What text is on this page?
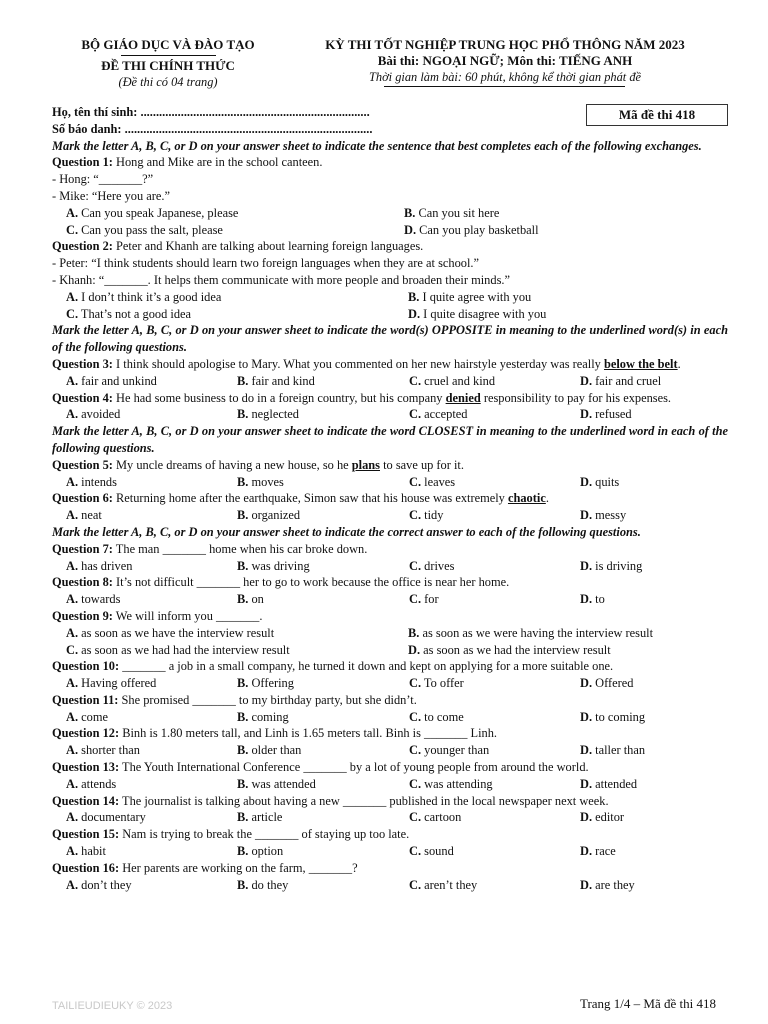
BỘ GIÁO DỤC VÀ ĐÀO TẠO
ĐỀ THI CHÍNH THỨC
(Đề thi có 04 trang)
KỲ THI TỐT NGHIỆP TRUNG HỌC PHỔ THÔNG NĂM 2023
Bài thi: NGOẠI NGỮ; Môn thi: TIẾNG ANH
Thời gian làm bài: 60 phút, không kể thời gian phát đề
Mã đề thi 418
Họ, tên thí sinh: ..........................................................................
Số báo danh: ................................................................................
Mark the letter A, B, C, or D on your answer sheet to indicate the sentence that best completes each of the following exchanges.
Question 1: Hong and Mike are in the school canteen.
- Hong: “_______?”
- Mike: “Here you are.”
A. Can you speak Japanese, please	B. Can you sit here
C. Can you pass the salt, please	D. Can you play basketball
Question 2: Peter and Khanh are talking about learning foreign languages.
- Peter: “I think students should learn two foreign languages when they are at school.”
- Khanh: “_______. It helps them communicate with more people and broaden their minds.”
A. I don’t think it’s a good idea	B. I quite agree with you
C. That’s not a good idea	D. I quite disagree with you
Mark the letter A, B, C, or D on your answer sheet to indicate the word(s) OPPOSITE in meaning to the underlined word(s) in each of the following questions.
Question 3: I think should apologise to Mary. What you commented on her new hairstyle yesterday was really below the belt.
A. fair and unkind	B. fair and kind	C. cruel and kind	D. fair and cruel
Question 4: He had some business to do in a foreign country, but his company denied responsibility to pay for his expenses.
A. avoided	B. neglected	C. accepted	D. refused
Mark the letter A, B, C, or D on your answer sheet to indicate the word CLOSEST in meaning to the underlined word in each of the following questions.
Question 5: My uncle dreams of having a new house, so he plans to save up for it.
A. intends	B. moves	C. leaves	D. quits
Question 6: Returning home after the earthquake, Simon saw that his house was extremely chaotic.
A. neat	B. organized	C. tidy	D. messy
Mark the letter A, B, C, or D on your answer sheet to indicate the correct answer to each of the following questions.
Question 7: The man _______ home when his car broke down.
A. has driven	B. was driving	C. drives	D. is driving
Question 8: It’s not difficult _______ her to go to work because the office is near her home.
A. towards	B. on	C. for	D. to
Question 9: We will inform you _______.
A. as soon as we have the interview result	B. as soon as we were having the interview result
C. as soon as we had had the interview result	D. as soon as we had the interview result
Question 10: _______ a job in a small company, he turned it down and kept on applying for a more suitable one.
A. Having offered	B. Offering	C. To offer	D. Offered
Question 11: She promised _______ to my birthday party, but she didn’t.
A. come	B. coming	C. to come	D. to coming
Question 12: Binh is 1.80 meters tall, and Linh is 1.65 meters tall. Binh is _______ Linh.
A. shorter than	B. older than	C. younger than	D. taller than
Question 13: The Youth International Conference _______ by a lot of young people from around the world.
A. attends	B. was attended	C. was attending	D. attended
Question 14: The journalist is talking about having a new _______ published in the local newspaper next week.
A. documentary	B. article	C. cartoon	D. editor
Question 15: Nam is trying to break the _______ of staying up too late.
A. habit	B. option	C. sound	D. race
Question 16: Her parents are working on the farm, _______?
A. don’t they	B. do they	C. aren’t they	D. are they
TAILIEUDIEUKY © 2023	Trang 1/4 – Mã đề thi 418
